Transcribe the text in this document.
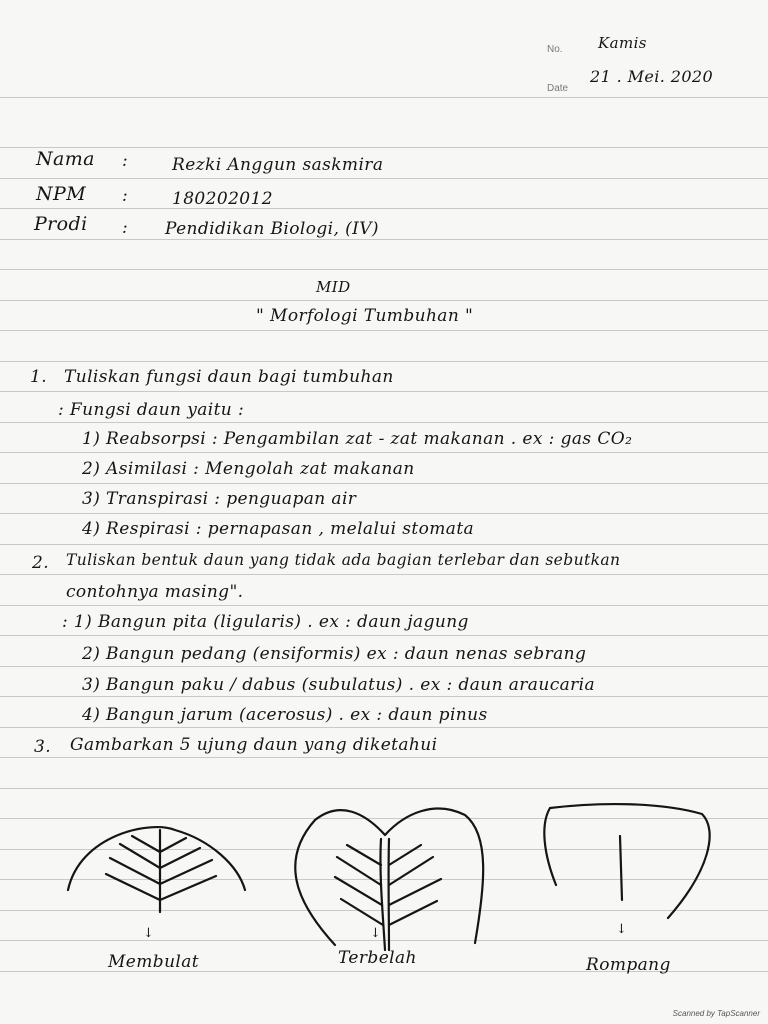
No. Kamis
Date
21 . Mei. 2020
Nama :	Rezki Anggun saskmira
NPM :	180202012
Prodi : Pendidikan Biologi, (IV)
MID
" Morfologi Tumbuhan "
1. Tuliskan fungsi daun bagi tumbuhan
: Fungsi daun yaitu :
1) Reabsorpsi : Pengambilan zat - zat makanan . ex : gas CO₂
2) Asimilasi : Mengolah zat makanan
3) Transpirasi : penguapan air
4) Respirasi : pernapasan , melalui stomata
2. Tuliskan bentuk daun yang tidak ada bagian terlebar dan sebutkan
contohnya masing".
: 1) Bangun pita (ligularis) . ex : daun jagung
2) Bangun pedang (ensiformis) ex : daun nenas sebrang
3) Bangun paku / dabus (subulatus) . ex : daun araucaria
4) Bangun jarum (acerosus) . ex : daun pinus
3. Gambarkan 5 ujung daun yang diketahui
↓
Membulat
↓
Terbelah
↓
Rompang
Scanned by TapScanner
